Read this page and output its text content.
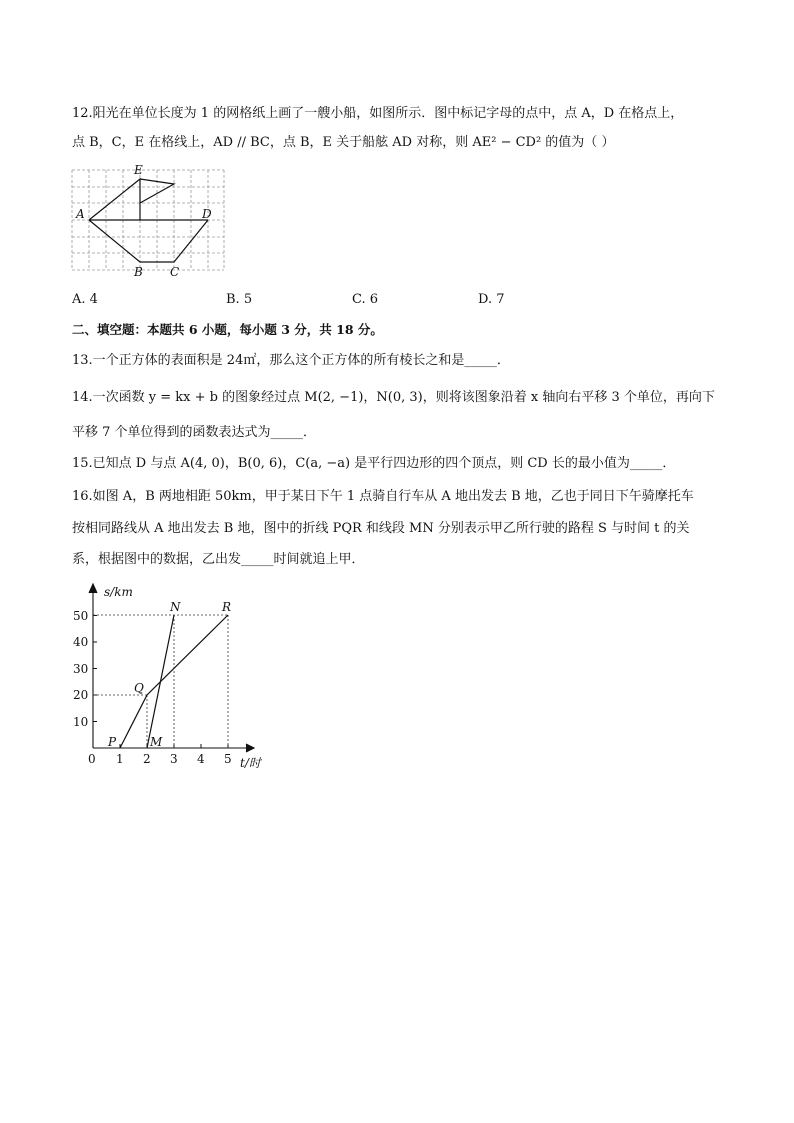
12.阳光在单位长度为 1 的网格纸上画了一艘小船，如图所示．图中标记字母的点中，点 A，D 在格点上，
点 B，C，E 在格线上，AD // BC，点 B，E 关于船舷 AD 对称，则 AE² − CD² 的值为（ ）
E
A	D
B C
A. 4	B. 5	C. 6	D. 7
二、填空题：本题共 6 小题，每小题 3 分，共 18 分。
13.一个正方体的表面积是 24㎡，那么这个正方体的所有棱长之和是_____．
14.一次函数 y = kx + b 的图象经过点 M(2, −1)，N(0, 3)，则将该图象沿着 x 轴向右平移 3 个单位，再向下
平移 7 个单位得到的函数表达式为_____．
15.已知点 D 与点 A(4, 0)，B(0, 6)，C(a, −a) 是平行四边形的四个顶点，则 CD 长的最小值为_____．
16.如图 A，B 两地相距 50km，甲于某日下午 1 点骑自行车从 A 地出发去 B 地，乙也于同日下午骑摩托车
按相同路线从 A 地出发去 B 地，图中的折线 PQR 和线段 MN 分别表示甲乙所行驶的路程 S 与时间 t 的关
系，根据图中的数据，乙出发_____时间就追上甲．
s/km
t/时
0 1 2 3 4 5
10
20
30
40
50
P
Q
R
M
N
